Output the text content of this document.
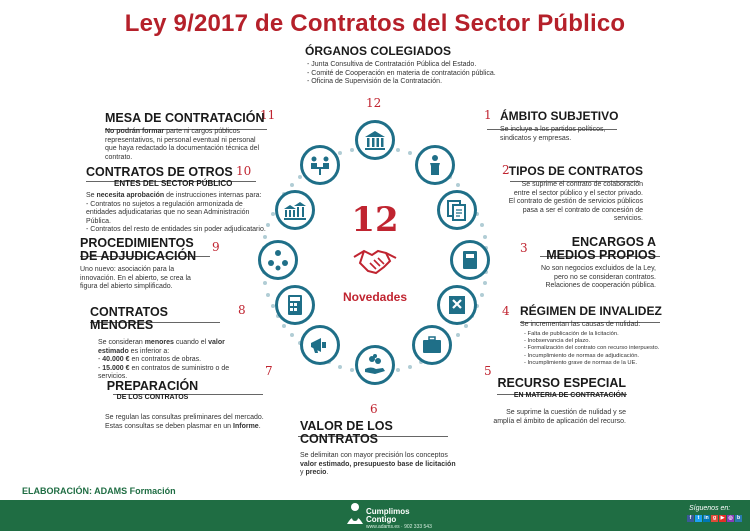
Ley 9/2017 de Contratos del Sector Público
12
Novedades
ÓRGANOS COLEGIADOS
- Junta Consultiva de Contratación Pública del Estado.
- Comité de Cooperación en materia de contratación pública.
- Oficina de Supervisión de la Contratación.
12
1 ÁMBITO SUBJETIVO
Se incluye a los partidos políticos, sindicatos y empresas.
2 TIPOS DE CONTRATOS
Se suprime el contrato de colaboración entre el sector público y el sector privado. El contrato de gestión de servicios públicos pasa a ser el contrato de concesión de servicios.
3	ENCARGOS A
MEDIOS PROPIOS
No son negocios excluidos de la Ley, pero no se consideran contratos. Relaciones de cooperación pública.
4 RÉGIMEN DE INVALIDEZ
Se incrementan las causas de nulidad:
- Falta de publicación de la licitación.
- Inobservancia del plazo.
- Formalización del contrato con recurso interpuesto.
- Incumplimiento de normas de adjudicación.
- Incumplimiento grave de normas de la UE.
5
RECURSO ESPECIAL
EN MATERIA DE CONTRATACIÓN
Se suprime la cuestión de nulidad y se amplía el ámbito de aplicación del recurso.
6
VALOR DE LOS CONTRATOS
Se delimitan con mayor precisión los conceptos valor estimado, presupuesto base de licitación y precio.
7
PREPARACIÓN
DE LOS CONTRATOS
Se regulan las consultas preliminares del mercado. Estas consultas se deben plasmar en un Informe.
8
CONTRATOS MENORES
Se consideran menores cuando el valor estimado es inferior a:
- 40.000 € en contratos de obras.
- 15.000 € en contratos de suministro o de servicios.
9
PROCEDIMIENTOS
DE ADJUDICACIÓN
Uno nuevo: asociación para la innovación. En el abierto, se crea la figura del abierto simplificado.
10
CONTRATOS DE OTROS
ENTES DEL SECTOR PÚBLICO
Se necesita aprobación de instrucciones internas para:
- Contratos no sujetos a regulación armonizada de entidades adjudicatarias que no sean Administración Pública.
- Contratos del resto de entidades sin poder adjudicatario.
11
MESA DE CONTRATACIÓN
No podrán formar parte ni cargos públicos representativos, ni personal eventual ni personal que haya redactado la documentación técnica del contrato.
ELABORACIÓN: ADAMS Formación
Cumplimos
Contigo
www.adams.es · 902 333 543
Síguenos en:
f	t in g ▶ ◎ b
